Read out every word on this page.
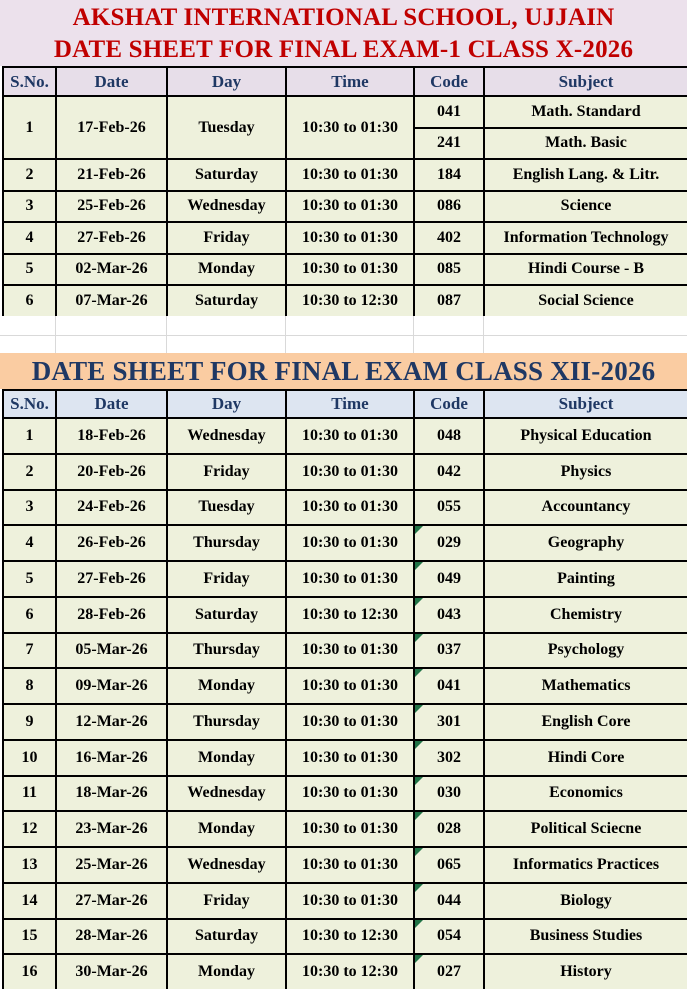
AKSHAT INTERNATIONAL SCHOOL, UJJAIN
DATE SHEET FOR FINAL EXAM-1 CLASS X-2026
S.No.	Date	Day	Time	Code	Subject
1	17-Feb-26	Tuesday	10:30 to 01:30	041	Math. Standard
				241	Math. Basic
2	21-Feb-26	Saturday	10:30 to 01:30	184	English Lang. & Litr.
3	25-Feb-26	Wednesday	10:30 to 01:30	086	Science
4	27-Feb-26	Friday	10:30 to 01:30	402	Information Technology
5	02-Mar-26	Monday	10:30 to 01:30	085	Hindi Course - B
6	07-Mar-26	Saturday	10:30 to 12:30	087	Social Science
DATE SHEET FOR FINAL EXAM CLASS XII-2026
S.No.	Date	Day	Time	Code	Subject
1	18-Feb-26	Wednesday	10:30 to 01:30	048	Physical Education
2	20-Feb-26	Friday	10:30 to 01:30	042	Physics
3	24-Feb-26	Tuesday	10:30 to 01:30	055	Accountancy
4	26-Feb-26	Thursday	10:30 to 01:30	029	Geography
5	27-Feb-26	Friday	10:30 to 01:30	049	Painting
6	28-Feb-26	Saturday	10:30 to 12:30	043	Chemistry
7	05-Mar-26	Thursday	10:30 to 01:30	037	Psychology
8	09-Mar-26	Monday	10:30 to 01:30	041	Mathematics
9	12-Mar-26	Thursday	10:30 to 01:30	301	English Core
10	16-Mar-26	Monday	10:30 to 01:30	302	Hindi Core
11	18-Mar-26	Wednesday	10:30 to 01:30	030	Economics
12	23-Mar-26	Monday	10:30 to 01:30	028	Political Sciecne
13	25-Mar-26	Wednesday	10:30 to 01:30	065	Informatics Practices
14	27-Mar-26	Friday	10:30 to 01:30	044	Biology
15	28-Mar-26	Saturday	10:30 to 12:30	054	Business Studies
16	30-Mar-26	Monday	10:30 to 12:30	027	History
